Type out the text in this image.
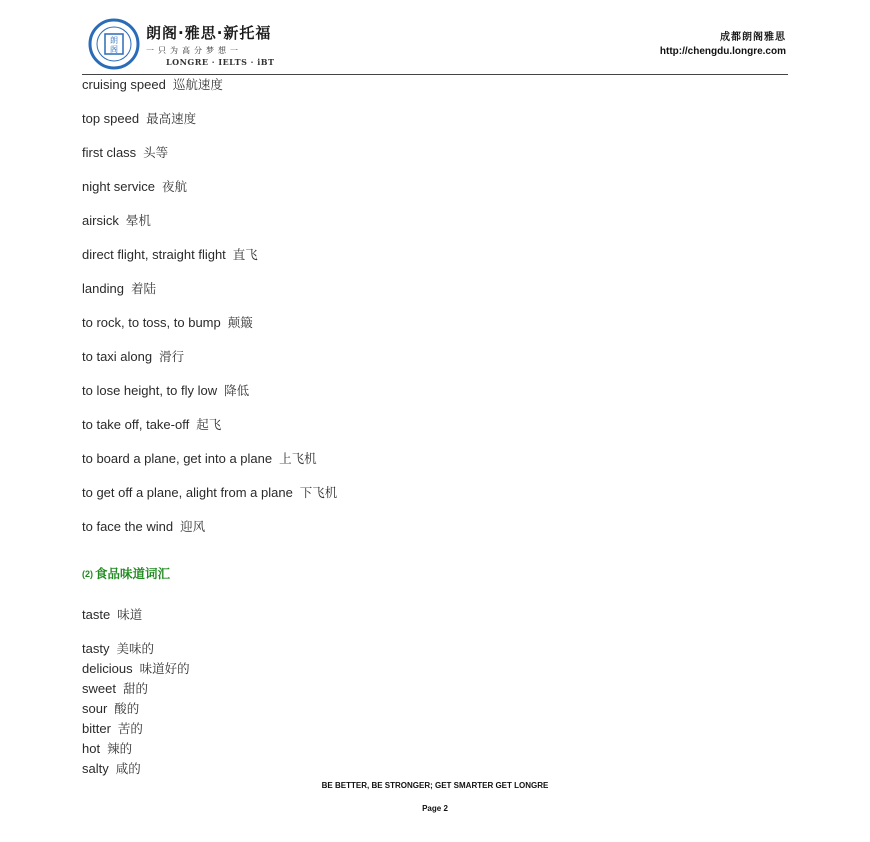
朗
阁
朗阁·雅思·新托福
一只为高分梦想一
LONGRE · IELTS · iBT
成都朗阁雅思
http://chengdu.longre.com
cruising speed 巡航速度
top speed 最高速度
first class 头等
night service 夜航
airsick 晕机
direct flight, straight flight 直飞
landing 着陆
to rock, to toss, to bump 颠簸
to taxi along 滑行
to lose height, to fly low 降低
to take off, take-off 起飞
to board a plane, get into a plane 上飞机
to get off a plane, alight from a plane 下飞机
to face the wind 迎风
(2) 食品味道词汇
taste 味道
tasty 美味的
delicious 味道好的
sweet 甜的
sour 酸的
bitter 苦的
hot 辣的
salty 咸的
BE BETTER, BE STRONGER; GET SMARTER GET LONGRE
Page 2
